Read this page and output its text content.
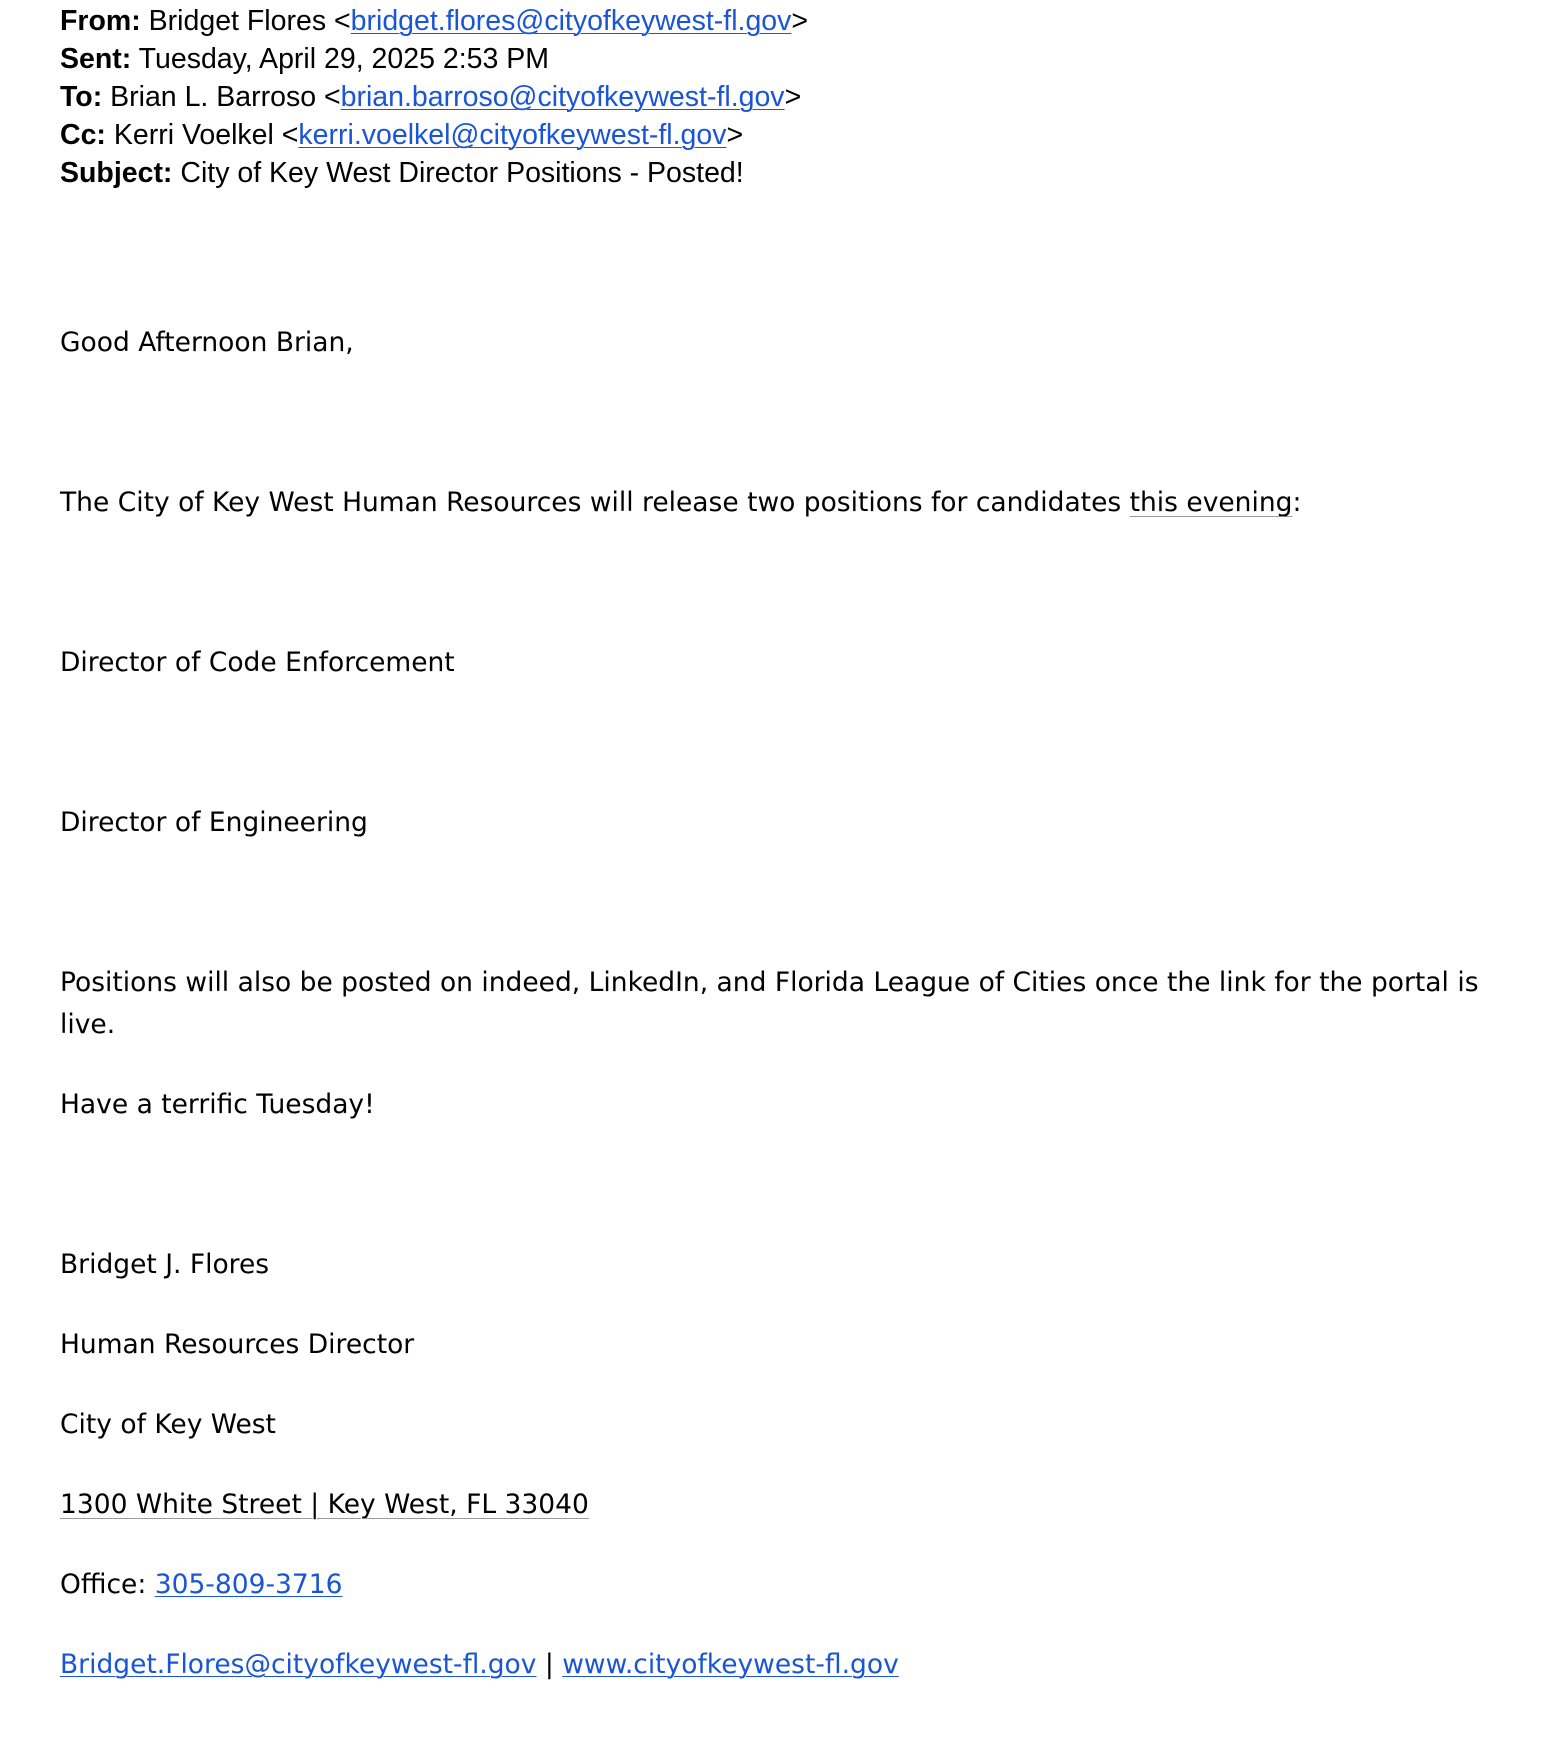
From: Bridget Flores <bridget.flores@cityofkeywest-fl.gov>
Sent: Tuesday, April 29, 2025 2:53 PM
To: Brian L. Barroso <brian.barroso@cityofkeywest-fl.gov>
Cc: Kerri Voelkel <kerri.voelkel@cityofkeywest-fl.gov>
Subject: City of Key West Director Positions - Posted!
Good Afternoon Brian,
The City of Key West Human Resources will release two positions for candidates this evening:
Director of Code Enforcement
Director of Engineering
Positions will also be posted on indeed, LinkedIn, and Florida League of Cities once the link for the portal is live.
Have a terrific Tuesday!
Bridget J. Flores
Human Resources Director
City of Key West
1300 White Street | Key West, FL 33040
Office: 305-809-3716
Bridget.Flores@cityofkeywest-fl.gov | www.cityofkeywest-fl.gov
